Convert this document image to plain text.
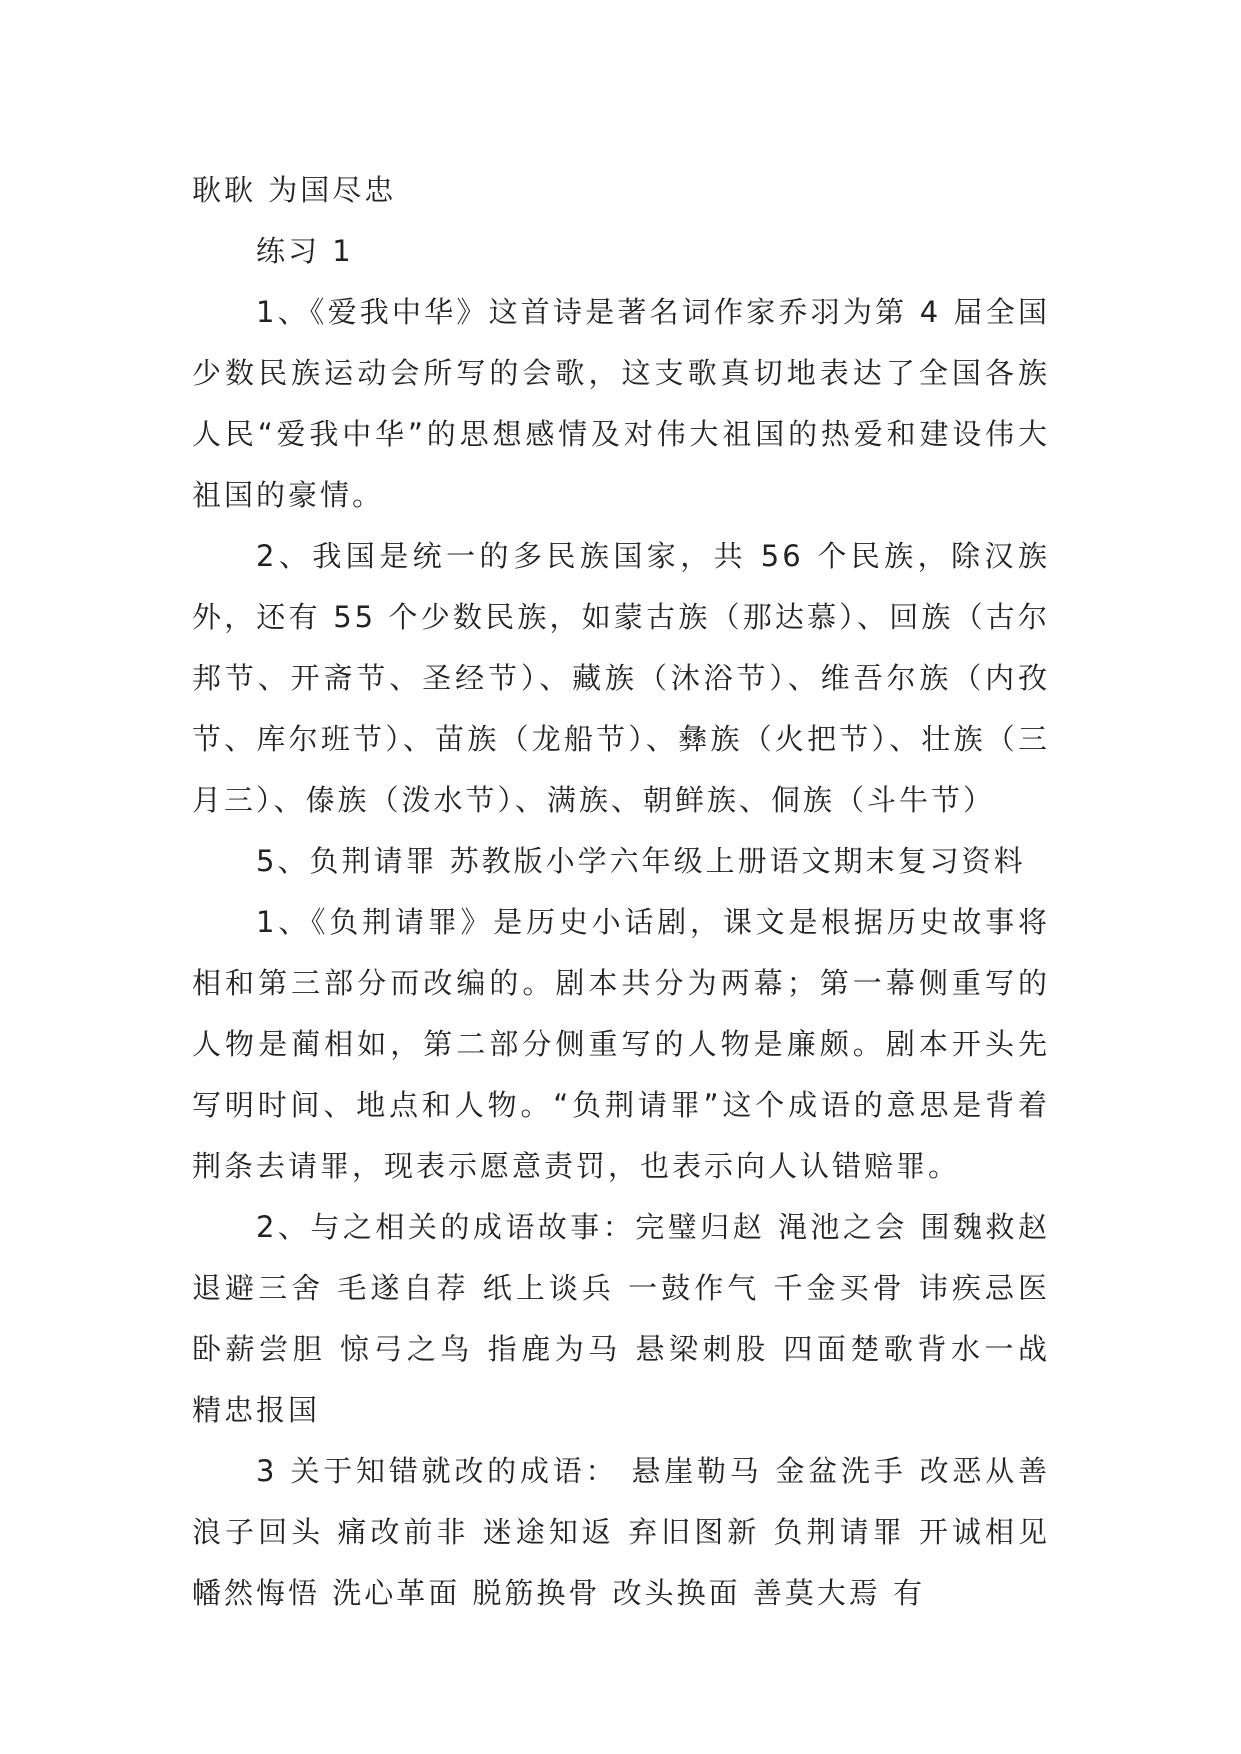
耿耿 为国尽忠

练习 1

1、《爱我中华》这首诗是著名词作家乔羽为第 4 届全国少数民族运动会所写的会歌，这支歌真切地表达了全国各族人民“爱我中华”的思想感情及对伟大祖国的热爱和建设伟大祖国的豪情。

2、我国是统一的多民族国家，共 56 个民族，除汉族外，还有 55 个少数民族，如蒙古族（那达慕）、回族（古尔邦节、开斋节、圣经节）、藏族（沐浴节）、维吾尔族（内孜节、库尔班节）、苗族（龙船节）、彝族（火把节）、壮族（三月三）、傣族（泼水节）、满族、朝鲜族、侗族（斗牛节）

5、负荆请罪 苏教版小学六年级上册语文期末复习资料

1、《负荆请罪》是历史小话剧，课文是根据历史故事将相和第三部分而改编的。剧本共分为两幕；第一幕侧重写的人物是蔺相如，第二部分侧重写的人物是廉颇。剧本开头先写明时间、地点和人物。“负荆请罪”这个成语的意思是背着荆条去请罪，现表示愿意责罚，也表示向人认错赔罪。

2、与之相关的成语故事：完璧归赵 渑池之会 围魏救赵 退避三舍 毛遂自荐 纸上谈兵 一鼓作气 千金买骨 讳疾忌医 卧薪尝胆 惊弓之鸟 指鹿为马 悬梁刺股 四面楚歌背水一战 精忠报国

3 关于知错就改的成语： 悬崖勒马 金盆洗手 改恶从善浪子回头 痛改前非 迷途知返 弃旧图新 负荆请罪 开诚相见 幡然悔悟 洗心革面 脱筋换骨 改头换面 善莫大焉 有
